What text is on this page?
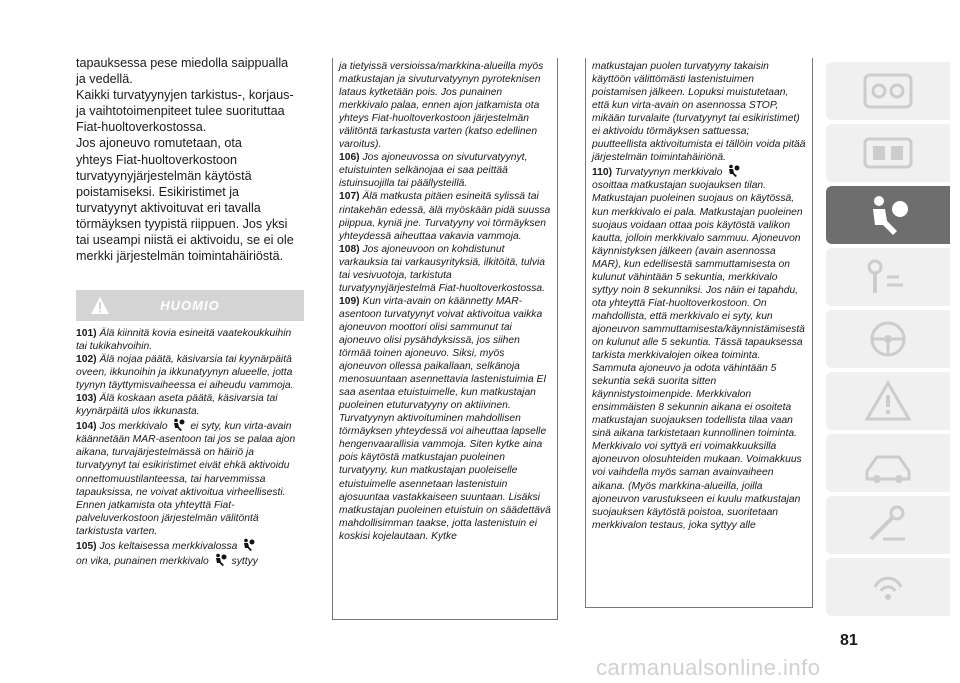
tapauksessa pese miedolla saippualla

ja vedellä.

Kaikki turvatyynyjen tarkistus-, korjaus-

ja vaihtotoimenpiteet tulee suorituttaa

Fiat-huoltoverkostossa.

Jos ajoneuvo romutetaan, ota

yhteys Fiat-huoltoverkostoon

turvatyynyjärjestelmän käytöstä

poistamiseksi. Esikiristimet ja

turvatyynyt aktivoituvat eri tavalla

törmäyksen tyypistä riippuen. Jos yksi

tai useampi niistä ei aktivoidu, se ei ole

merkki järjestelmän toimintahäiriöstä.

HUOMIO

101) Älä kiinnitä kovia esineitä vaatekoukkuihin tai tukikahvoihin.

102) Älä nojaa päätä, käsivarsia tai kyynärpäitä oveen, ikkunoihin ja ikkunatyynyn alueelle, jotta tyynyn täyttymisvaiheessa ei aiheudu vammoja.

103) Älä koskaan aseta päätä, käsivarsia tai kyynärpäitä ulos ikkunasta.

104) Jos merkkivalo ei syty, kun virta-avain käännetään MAR-asentoon tai jos se palaa ajon aikana, turvajärjestelmässä on häiriö ja turvatyynyt tai esikiristimet eivät ehkä aktivoidu onnettomuustilanteessa, tai harvemmissa tapauksissa, ne voivat aktivoitua virheellisesti. Ennen jatkamista ota yhteyttä Fiat-palveluverkostoon järjestelmän välitöntä tarkistusta varten.

105) Jos keltaisessa merkkivalossa
on vika, punainen merkkivalo syttyy

ja tietyissä versioissa/markkina-alueilla myös matkustajan ja sivuturvatyynyn pyroteknisen lataus kytketään pois. Jos punainen merkkivalo palaa, ennen ajon jatkamista ota yhteys Fiat-huoltoverkostoon järjestelmän välitöntä tarkastusta varten (katso edellinen varoitus).

106) Jos ajoneuvossa on sivuturvatyynyt, etuistuinten selkänojaa ei saa peittää istuinsuojilla tai päällysteillä.

107) Älä matkusta pitäen esineitä sylissä tai rintakehän edessä, älä myöskään pidä suussa piippua, kyniä jne. Turvatyyny voi törmäyksen yhteydessä aiheuttaa vakavia vammoja.

108) Jos ajoneuvoon on kohdistunut varkauksia tai varkausyrityksiä, ilkitöitä, tulvia tai vesivuotoja, tarkistuta turvatyynyjärjestelmä Fiat-huoltoverkostossa.

109) Kun virta-avain on käännetty MAR-asentoon turvatyynyt voivat aktivoitua vaikka ajoneuvon moottori olisi sammunut tai ajoneuvo olisi pysähdyksissä, jos siihen törmää toinen ajoneuvo. Siksi, myös ajoneuvon ollessa paikallaan, selkänoja menosuuntaan asennettavia lastenistuimia EI saa asentaa etuistuimelle, kun matkustajan puoleinen etuturvatyyny on aktiivinen. Turvatyynyn aktivoituminen mahdollisen törmäyksen yhteydessä voi aiheuttaa lapselle hengenvaarallisia vammoja. Siten kytke aina pois käytöstä matkustajan puoleinen turvatyyny, kun matkustajan puoleiselle etuistuimelle asennetaan lastenistuin ajosuuntaa vastakkaiseen suuntaan. Lisäksi matkustajan puoleinen etuistuin on säädettävä mahdollisimman taakse, jotta lastenistuin ei koskisi kojelautaan. Kytke

matkustajan puolen turvatyyny takaisin käyttöön välittömästi lastenistuimen poistamisen jälkeen. Lopuksi muistutetaan, että kun virta-avain on asennossa STOP, mikään turvalaite (turvatyynyt tai esikiristimet) ei aktivoidu törmäyksen sattuessa; puutteellista aktivoitumista ei tällöin voida pitää järjestelmän toimintahäiriönä.

110) Turvatyynyn merkkivalo
osoittaa matkustajan suojauksen tilan. Matkustajan puoleinen suojaus on käytössä, kun merkkivalo ei pala. Matkustajan puoleinen suojaus voidaan ottaa pois käytöstä valikon kautta, jolloin merkkivalo sammuu. Ajoneuvon käynnistyksen jälkeen (avain asennossa MAR), kun edellisestä sammuttamisesta on kulunut vähintään 5 sekuntia, merkkivalo syttyy noin 8 sekunniksi. Jos näin ei tapahdu, ota yhteyttä Fiat-huoltoverkostoon. On mahdollista, että merkkivalo ei syty, kun ajoneuvon sammuttamisesta/käynnistämisestä on kulunut alle 5 sekuntia. Tässä tapauksessa tarkista merkkivalojen oikea toiminta. Sammuta ajoneuvo ja odota vähintään 5 sekuntia sekä suorita sitten käynnistystoimenpide. Merkkivalon ensimmäisten 8 sekunnin aikana ei osoiteta matkustajan suojauksen todellista tilaa vaan sinä aikana tarkistetaan kunnollinen toiminta. Merkkivalo voi syttyä eri voimakkuuksilla ajoneuvon olosuhteiden mukaan. Voimakkuus voi vaihdella myös saman avainvaiheen aikana. (Myös markkina-alueilla, joilla ajoneuvon varustukseen ei kuulu matkustajan suojauksen käytöstä poistoa, suoritetaan merkkivalon testaus, joka syttyy alle

81
carmanualsonline.info
